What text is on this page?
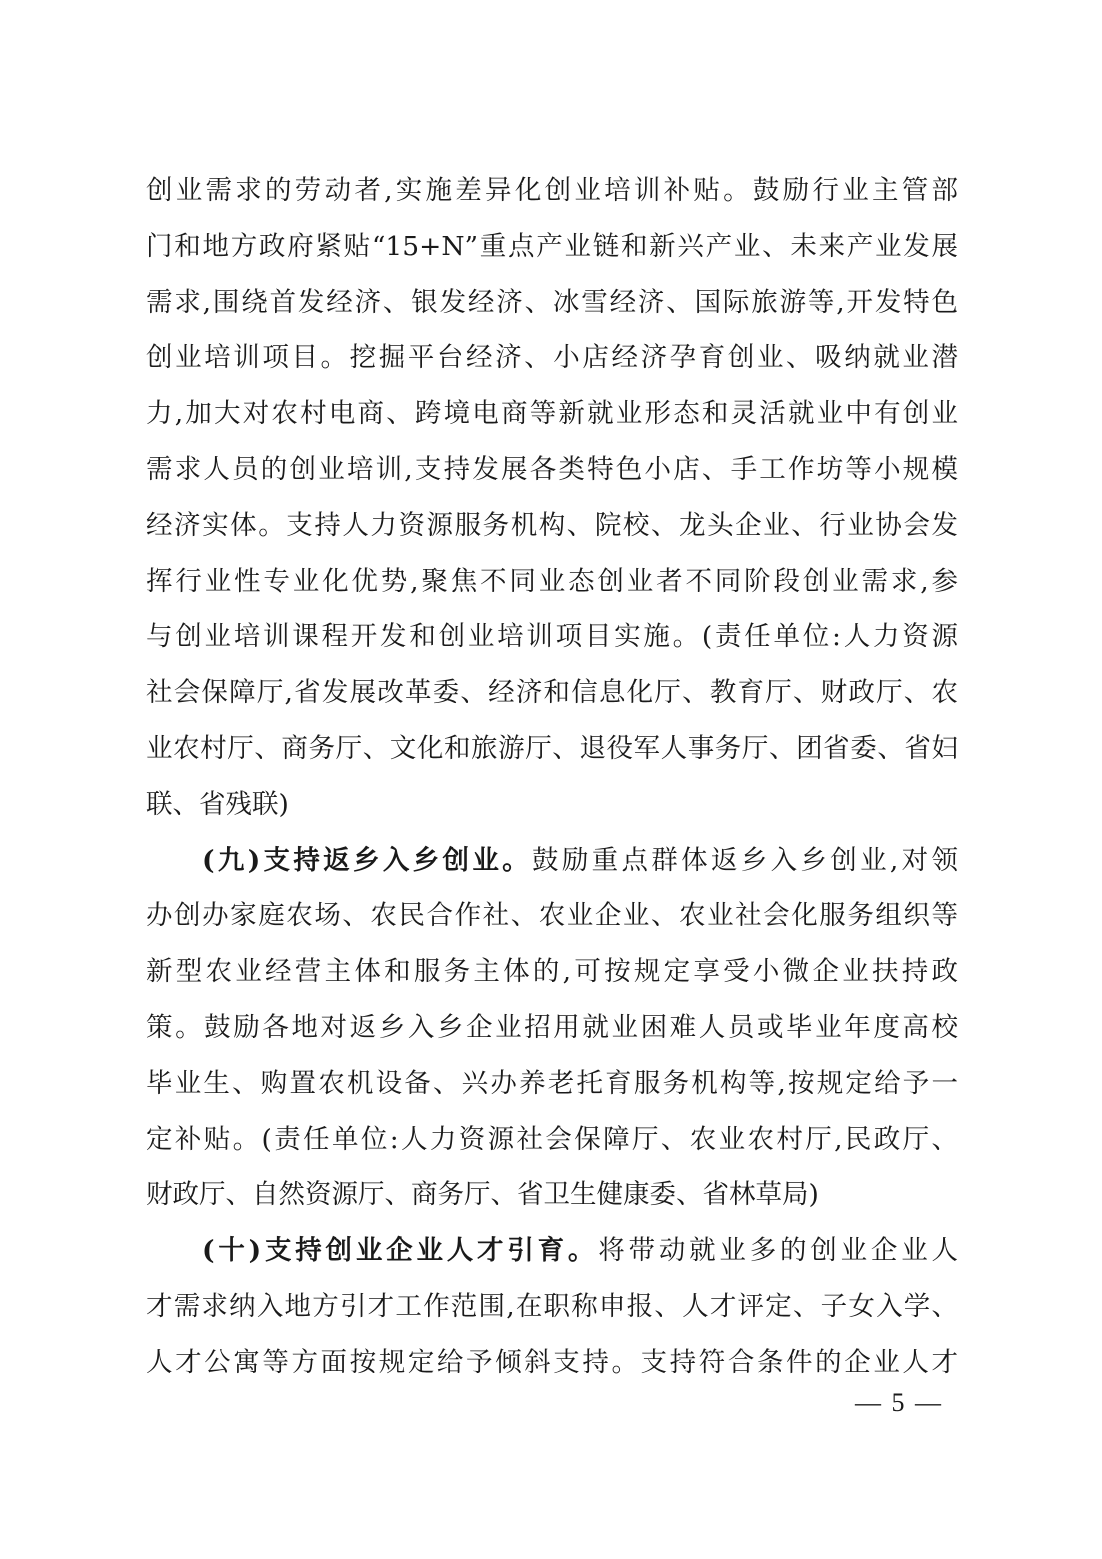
创业需求的劳动者,实施差异化创业培训补贴。鼓励行业主管部
门和地方政府紧贴“15+N”重点产业链和新兴产业、未来产业发展
需求,围绕首发经济、银发经济、冰雪经济、国际旅游等,开发特色
创业培训项目。挖掘平台经济、小店经济孕育创业、吸纳就业潜
力,加大对农村电商、跨境电商等新就业形态和灵活就业中有创业
需求人员的创业培训,支持发展各类特色小店、手工作坊等小规模
经济实体。支持人力资源服务机构、院校、龙头企业、行业协会发
挥行业性专业化优势,聚焦不同业态创业者不同阶段创业需求,参
与创业培训课程开发和创业培训项目实施。(责任单位:人力资源
社会保障厅,省发展改革委、经济和信息化厅、教育厅、财政厅、农
业农村厅、商务厅、文化和旅游厅、退役军人事务厅、团省委、省妇
联、省残联)
(九)支持返乡入乡创业。鼓励重点群体返乡入乡创业,对领
办创办家庭农场、农民合作社、农业企业、农业社会化服务组织等
新型农业经营主体和服务主体的,可按规定享受小微企业扶持政
策。鼓励各地对返乡入乡企业招用就业困难人员或毕业年度高校
毕业生、购置农机设备、兴办养老托育服务机构等,按规定给予一
定补贴。(责任单位:人力资源社会保障厅、农业农村厅,民政厅、
财政厅、自然资源厅、商务厅、省卫生健康委、省林草局)
(十)支持创业企业人才引育。将带动就业多的创业企业人
才需求纳入地方引才工作范围,在职称申报、人才评定、子女入学、
人才公寓等方面按规定给予倾斜支持。支持符合条件的企业人才
— 5 —
